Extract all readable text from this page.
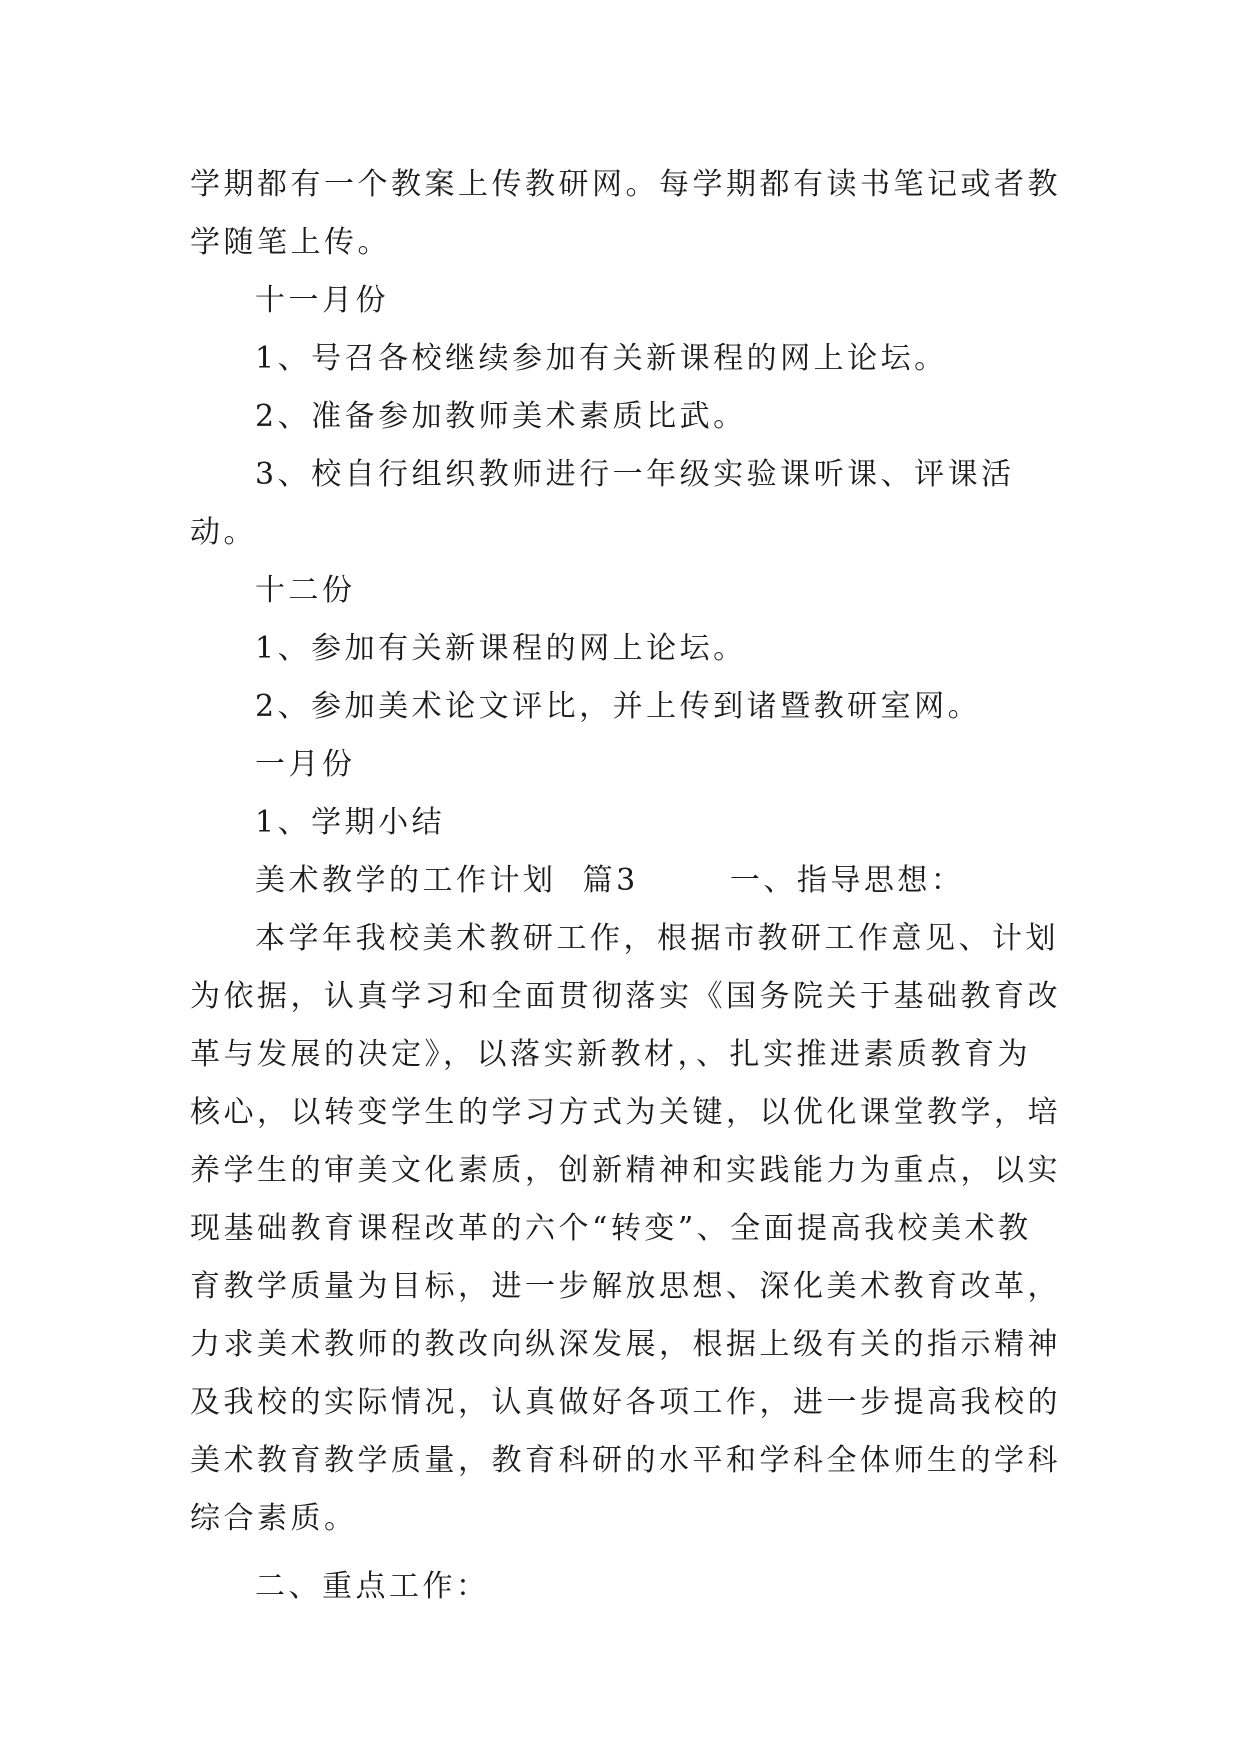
学期都有一个教案上传教研网。每学期都有读书笔记或者教学随笔上传。

十一月份

1、号召各校继续参加有关新课程的网上论坛。

2、准备参加教师美术素质比武。

3、校自行组织教师进行一年级实验课听课、评课活动。

十二份

1、参加有关新课程的网上论坛。

2、参加美术论文评比，并上传到诸暨教研室网。

一月份

1、学期小结

美术教学的工作计划  篇3       一、指导思想：

本学年我校美术教研工作，根据市教研工作意见、计划为依据，认真学习和全面贯彻落实《国务院关于基础教育改革与发展的决定》，以落实新教材，、扎实推进素质教育为核心，以转变学生的学习方式为关键，以优化课堂教学，培养学生的审美文化素质，创新精神和实践能力为重点，以实现基础教育课程改革的六个“转变”、全面提高我校美术教育教学质量为目标，进一步解放思想、深化美术教育改革，力求美术教师的教改向纵深发展，根据上级有关的指示精神及我校的实际情况，认真做好各项工作，进一步提高我校的美术教育教学质量，教育科研的水平和学科全体师生的学科综合素质。

二、重点工作：
